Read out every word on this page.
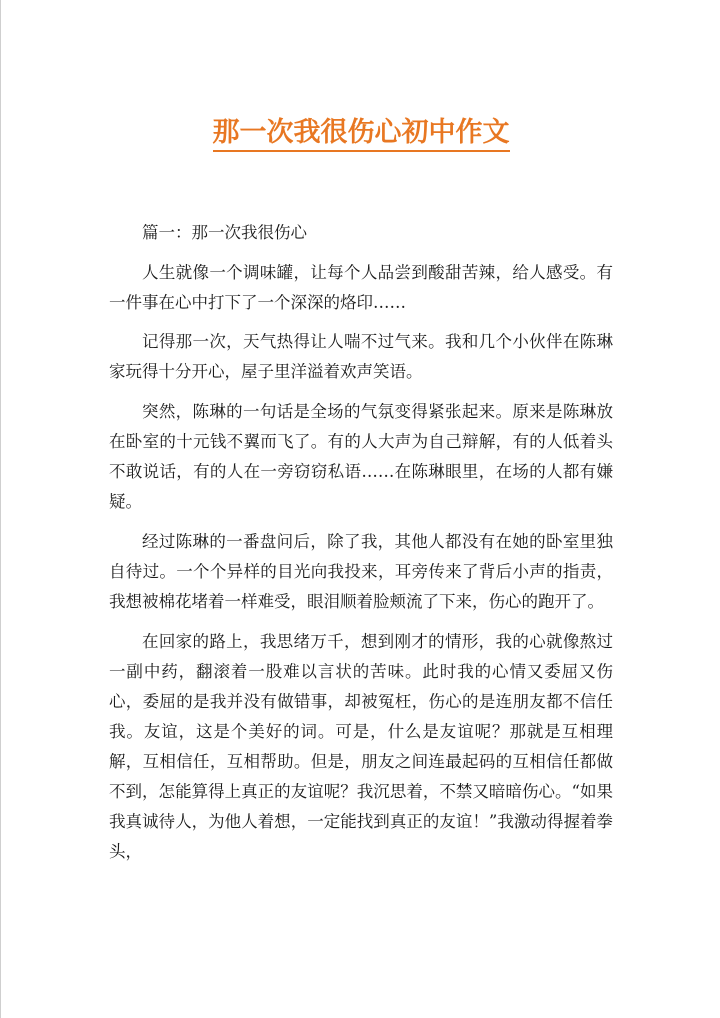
那一次我很伤心初中作文

篇一：那一次我很伤心

人生就像一个调味罐，让每个人品尝到酸甜苦辣，给人感受。有一件事在心中打下了一个深深的烙印……

记得那一次，天气热得让人喘不过气来。我和几个小伙伴在陈琳家玩得十分开心，屋子里洋溢着欢声笑语。

突然，陈琳的一句话是全场的气氛变得紧张起来。原来是陈琳放在卧室的十元钱不翼而飞了。有的人大声为自己辩解，有的人低着头不敢说话，有的人在一旁窃窃私语……在陈琳眼里，在场的人都有嫌疑。

经过陈琳的一番盘问后，除了我，其他人都没有在她的卧室里独自待过。一个个异样的目光向我投来，耳旁传来了背后小声的指责，我想被棉花堵着一样难受，眼泪顺着脸颊流了下来，伤心的跑开了。

在回家的路上，我思绪万千，想到刚才的情形，我的心就像熬过一副中药，翻滚着一股难以言状的苦味。此时我的心情又委屈又伤心，委屈的是我并没有做错事，却被冤枉，伤心的是连朋友都不信任我。友谊，这是个美好的词。可是，什么是友谊呢？那就是互相理解，互相信任，互相帮助。但是，朋友之间连最起码的互相信任都做不到，怎能算得上真正的友谊呢？我沉思着，不禁又暗暗伤心。“如果我真诚待人，为他人着想，一定能找到真正的友谊！”我激动得握着拳头，
